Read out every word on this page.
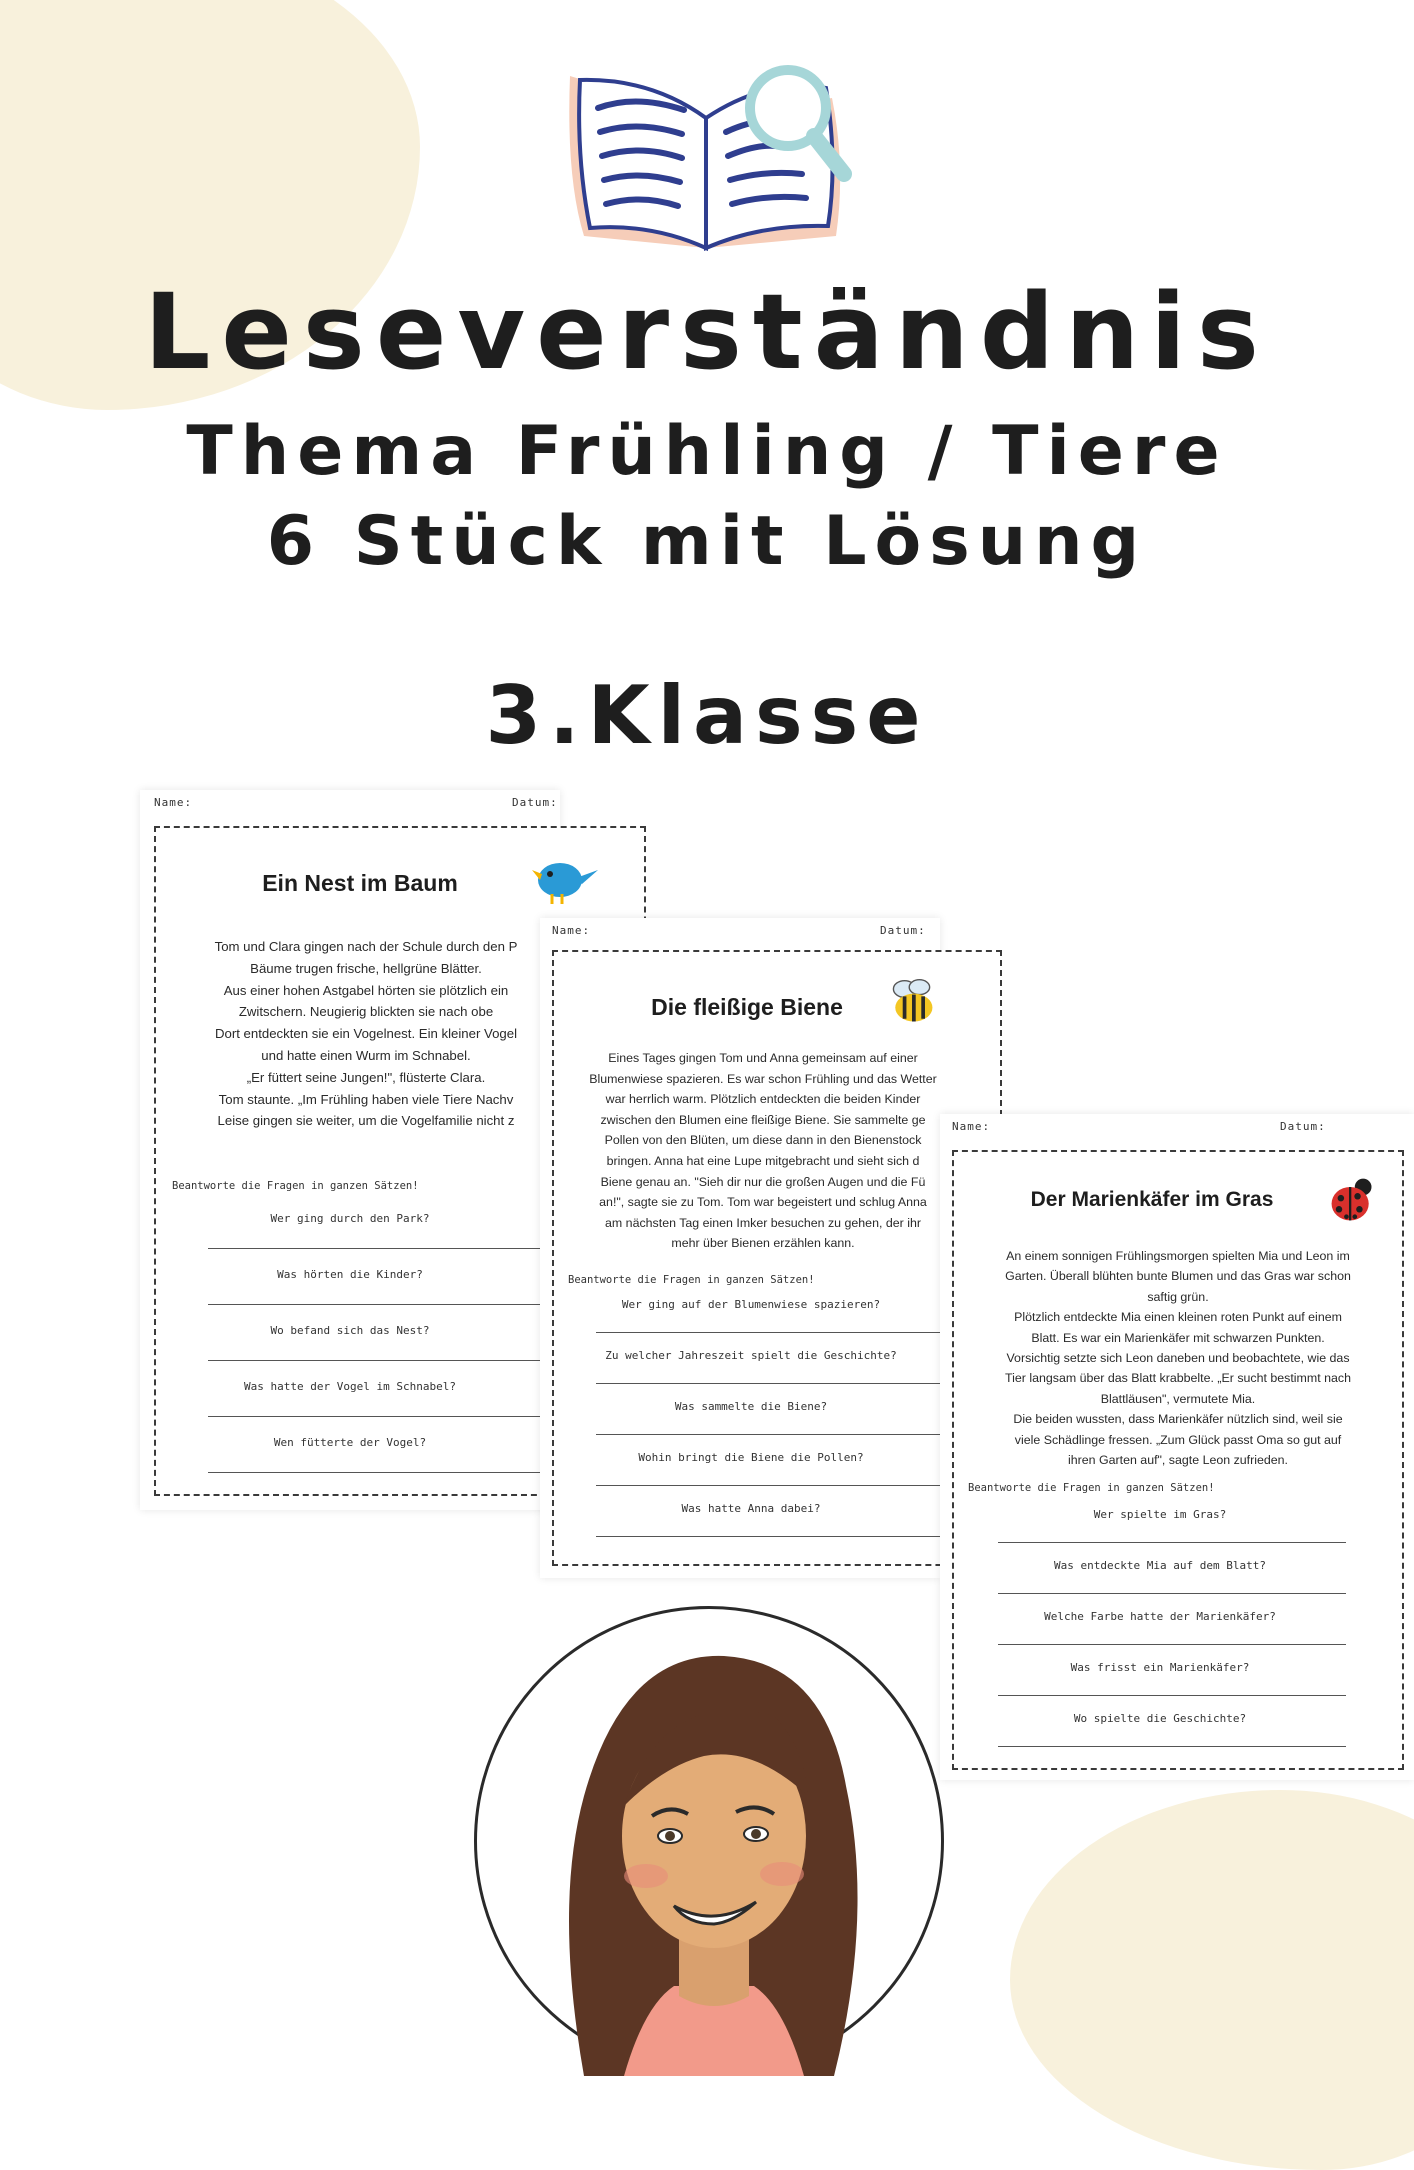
Leseverständnis
Thema Frühling / Tiere
6 Stück mit Lösung
3.Klasse
Name:	Datum:
Ein Nest im Baum

Tom und Clara gingen nach der Schule durch den P

Bäume trugen frische, hellgrüne Blätter.

Aus einer hohen Astgabel hörten sie plötzlich ein

Zwitschern. Neugierig blickten sie nach obe

Dort entdeckten sie ein Vogelnest. Ein kleiner Vogel

und hatte einen Wurm im Schnabel.

„Er füttert seine Jungen!", flüsterte Clara.

Tom staunte. „Im Frühling haben viele Tiere Nachv

Leise gingen sie weiter, um die Vogelfamilie nicht z

Beantworte die Fragen in ganzen Sätzen!
Wer ging durch den Park?
Was hörten die Kinder?
Wo befand sich das Nest?
Was hatte der Vogel im Schnabel?
Wen fütterte der Vogel?
Name:	Datum:
Die fleißige Biene

Eines Tages gingen Tom und Anna gemeinsam auf einer

Blumenwiese spazieren. Es war schon Frühling und das Wetter

war herrlich warm. Plötzlich entdeckten die beiden Kinder

zwischen den Blumen eine fleißige Biene. Sie sammelte ge

Pollen von den Blüten, um diese dann in den Bienenstock

bringen. Anna hat eine Lupe mitgebracht und sieht sich d

Biene genau an. "Sieh dir nur die großen Augen und die Fü

an!", sagte sie zu Tom. Tom war begeistert und schlug Anna

am nächsten Tag einen Imker besuchen zu gehen, der ihr

mehr über Bienen erzählen kann.

Beantworte die Fragen in ganzen Sätzen!
Wer ging auf der Blumenwiese spazieren?
Zu welcher Jahreszeit spielt die Geschichte?
Was sammelte die Biene?
Wohin bringt die Biene die Pollen?
Was hatte Anna dabei?
Name:	Datum:
Der Marienkäfer im Gras

An einem sonnigen Frühlingsmorgen spielten Mia und Leon im

Garten. Überall blühten bunte Blumen und das Gras war schon

saftig grün.

Plötzlich entdeckte Mia einen kleinen roten Punkt auf einem

Blatt. Es war ein Marienkäfer mit schwarzen Punkten.

Vorsichtig setzte sich Leon daneben und beobachtete, wie das

Tier langsam über das Blatt krabbelte. „Er sucht bestimmt nach

Blattläusen", vermutete Mia.

Die beiden wussten, dass Marienkäfer nützlich sind, weil sie

viele Schädlinge fressen. „Zum Glück passt Oma so gut auf

ihren Garten auf", sagte Leon zufrieden.

Beantworte die Fragen in ganzen Sätzen!
Wer spielte im Gras?
Was entdeckte Mia auf dem Blatt?
Welche Farbe hatte der Marienkäfer?
Was frisst ein Marienkäfer?
Wo spielte die Geschichte?
